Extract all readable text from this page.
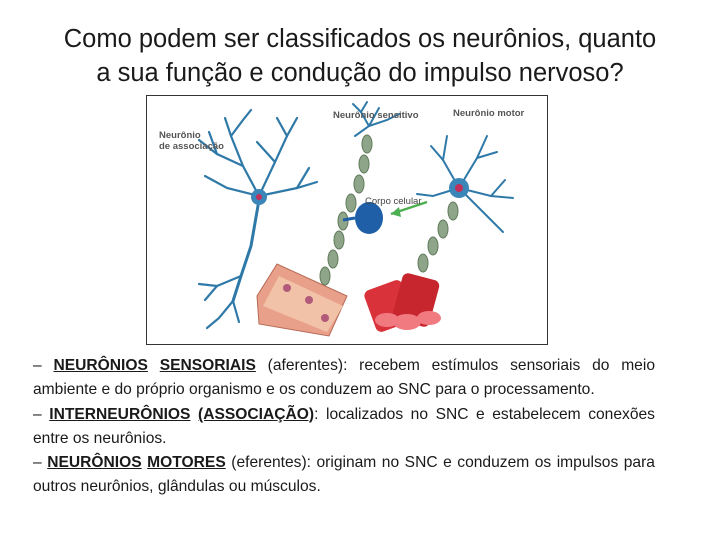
Como podem ser classificados os neurônios, quanto
a sua função e condução do impulso nervoso?
Neurônio
de associação
Neurônio sensitivo	Neurônio motor
Corpo celular

– NEURÔNIOS SENSORIAIS (aferentes): recebem estímulos sensoriais do meio ambiente e do próprio organismo e os conduzem ao SNC para o processamento.

– INTERNEURÔNIOS (ASSOCIAÇÃO): localizados no SNC e estabelecem conexões entre os neurônios.

– NEURÔNIOS MOTORES (eferentes): originam no SNC e conduzem os impulsos para outros neurônios, glândulas ou músculos.
